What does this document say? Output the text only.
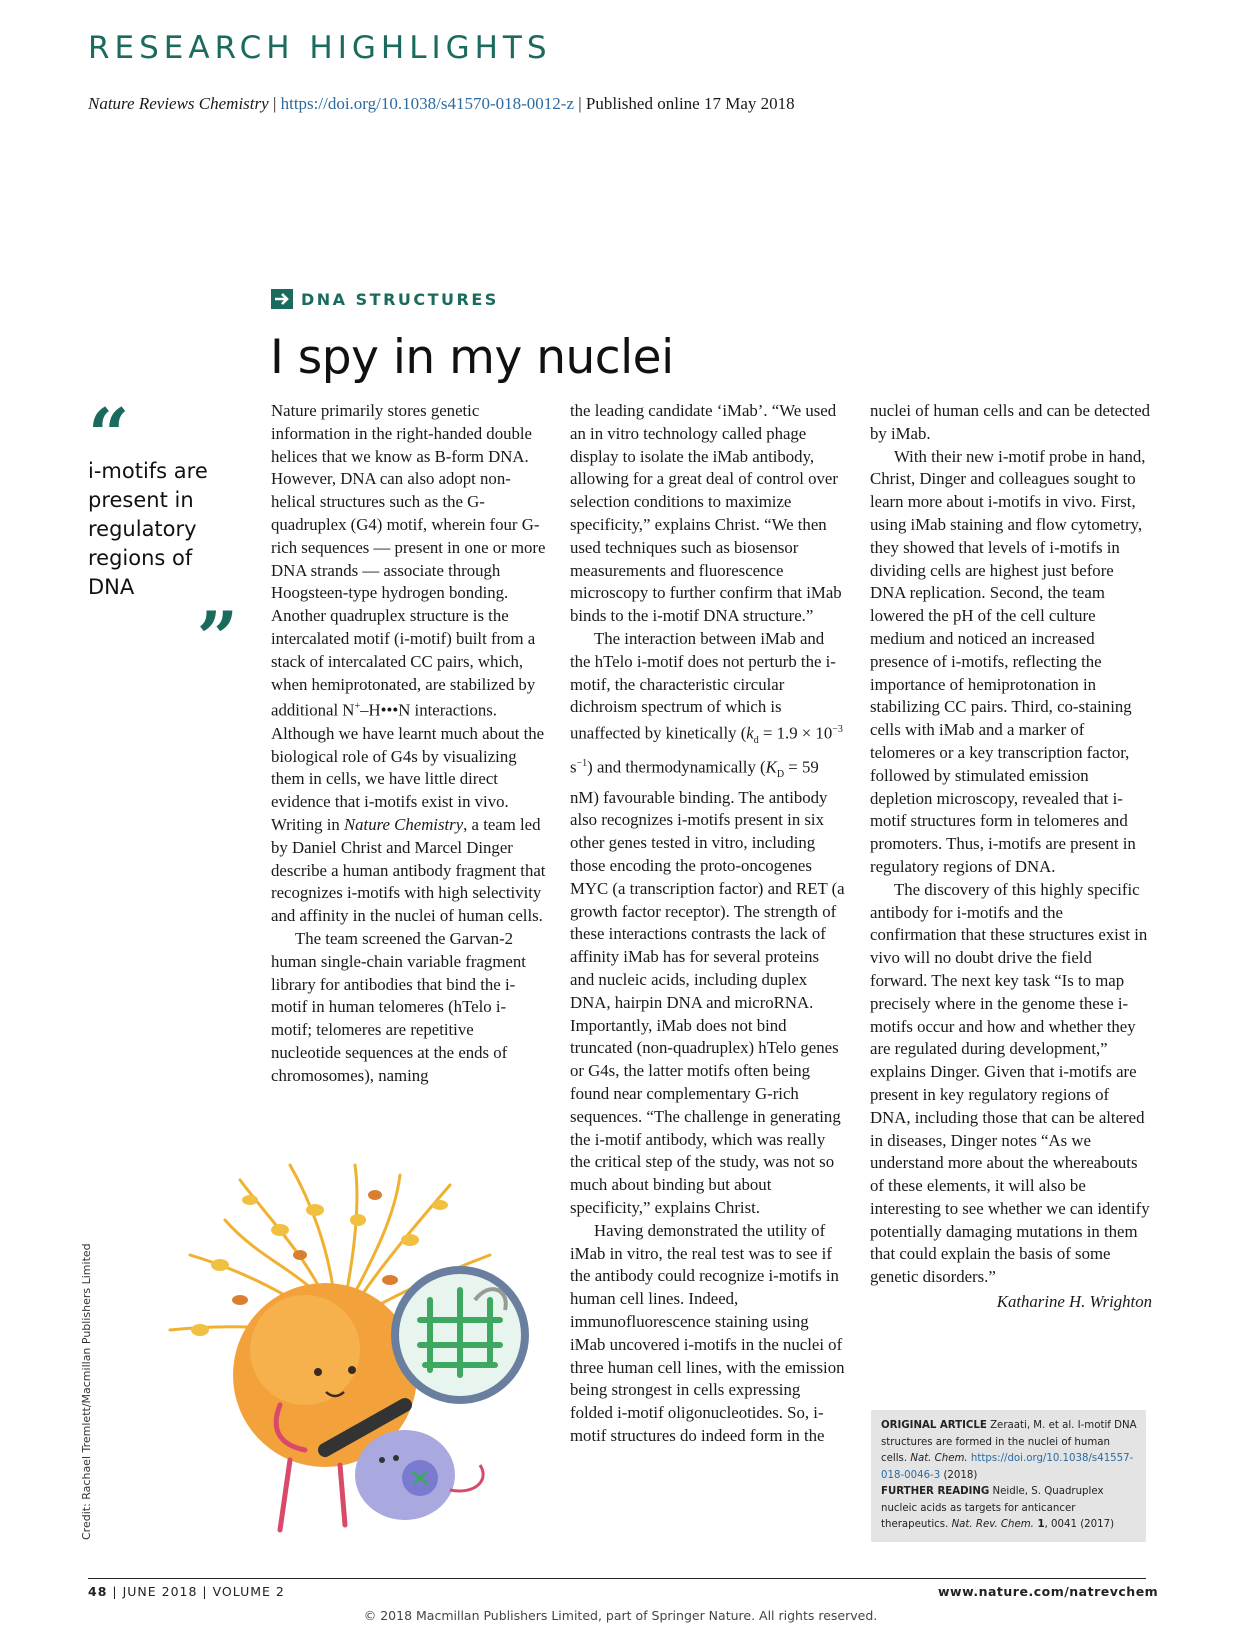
RESEARCH HIGHLIGHTS
Nature Reviews Chemistry | https://doi.org/10.1038/s41570-018-0012-z | Published online 17 May 2018
DNA STRUCTURES
I spy in my nuclei
“
i-motifs are present in regulatory regions of DNA
”

Nature primarily stores genetic information in the right-handed double helices that we know as B-form DNA. However, DNA can also adopt non-helical structures such as the G-quadruplex (G4) motif, wherein four G-rich sequences — present in one or more DNA strands — associate through Hoogsteen-type hydrogen bonding. Another quadruplex structure is the intercalated motif (i-motif) built from a stack of intercalated CC pairs, which, when hemiprotonated, are stabilized by additional N+–H•••N interactions. Although we have learnt much about the biological role of G4s by visualizing them in cells, we have little direct evidence that i-motifs exist in vivo. Writing in Nature Chemistry, a team led by Daniel Christ and Marcel Dinger describe a human antibody fragment that recognizes i-motifs with high selectivity and affinity in the nuclei of human cells.

The team screened the Garvan-2 human single-chain variable fragment library for antibodies that bind the i-motif in human telomeres (hTelo i-motif; telomeres are repetitive nucleotide sequences at the ends of chromosomes), naming

the leading candidate ‘iMab’. “We used an in vitro technology called phage display to isolate the iMab antibody, allowing for a great deal of control over selection conditions to maximize specificity,” explains Christ. “We then used techniques such as biosensor measurements and fluorescence microscopy to further confirm that iMab binds to the i-motif DNA structure.”

The interaction between iMab and the hTelo i-motif does not perturb the i-motif, the characteristic circular dichroism spectrum of which is unaffected by kinetically ($k_d = 1.9 \times 10^{-3}$ $s^{-1}$) and thermodynamically ($K_D = 59$ nM) favourable binding. The antibody also recognizes i-motifs present in six other genes tested in vitro, including those encoding the proto-oncogenes MYC (a transcription factor) and RET (a growth factor receptor). The strength of these interactions contrasts the lack of affinity iMab has for several proteins and nucleic acids, including duplex DNA, hairpin DNA and microRNA. Importantly, iMab does not bind truncated (non-quadruplex) hTelo genes or G4s, the latter motifs often being found near complementary G-rich sequences. “The challenge in generating the i-motif antibody, which was really the critical step of the study, was not so much about binding but about specificity,” explains Christ.

Having demonstrated the utility of iMab in vitro, the real test was to see if the antibody could recognize i-motifs in human cell lines. Indeed, immunofluorescence staining using iMab uncovered i-motifs in the nuclei of three human cell lines, with the emission being strongest in cells expressing folded i-motif oligonucleotides. So, i-motif structures do indeed form in the

nuclei of human cells and can be detected by iMab.

With their new i-motif probe in hand, Christ, Dinger and colleagues sought to learn more about i-motifs in vivo. First, using iMab staining and flow cytometry, they showed that levels of i-motifs in dividing cells are highest just before DNA replication. Second, the team lowered the pH of the cell culture medium and noticed an increased presence of i-motifs, reflecting the importance of hemiprotonation in stabilizing CC pairs. Third, co-staining cells with iMab and a marker of telomeres or a key transcription factor, followed by stimulated emission depletion microscopy, revealed that i-motif structures form in telomeres and promoters. Thus, i-motifs are present in regulatory regions of DNA.

The discovery of this highly specific antibody for i-motifs and the confirmation that these structures exist in vivo will no doubt drive the field forward. The next key task “Is to map precisely where in the genome these i-motifs occur and how and whether they are regulated during development,” explains Dinger. Given that i-motifs are present in key regulatory regions of DNA, including those that can be altered in diseases, Dinger notes “As we understand more about the whereabouts of these elements, it will also be interesting to see whether we can identify potentially damaging mutations in them that could explain the basis of some genetic disorders.”

Katharine H. Wrighton
ORIGINAL ARTICLE Zeraati, M. et al. I-motif DNA structures are formed in the nuclei of human cells. Nat. Chem. https://doi.org/10.1038/s41557-018-0046-3 (2018)
FURTHER READING Neidle, S. Quadruplex nucleic acids as targets for anticancer therapeutics. Nat. Rev. Chem. 1, 0041 (2017)
Credit: Rachael Tremlett/Macmillan Publishers Limited
48 | JUNE 2018 | VOLUME 2	www.nature.com/natrevchem
© 2018 Macmillan Publishers Limited, part of Springer Nature. All rights reserved.
